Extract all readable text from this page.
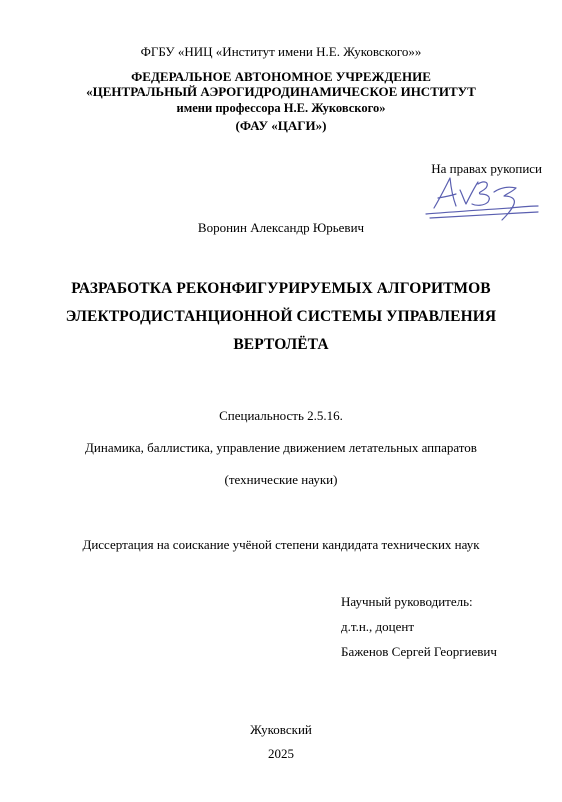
ФГБУ «НИЦ «Институт имени Н.Е. Жуковского»»
ФЕДЕРАЛЬНОЕ АВТОНОМНОЕ УЧРЕЖДЕНИЕ
«ЦЕНТРАЛЬНЫЙ АЭРОГИДРОДИНАМИЧЕСКОЕ ИНСТИТУТ
имени профессора Н.Е. Жуковского»
(ФАУ «ЦАГИ»)
На правах рукописи
Воронин Александр Юрьевич
РАЗРАБОТКА РЕКОНФИГУРИРУЕМЫХ АЛГОРИТМОВ
ЭЛЕКТРОДИСТАНЦИОННОЙ СИСТЕМЫ УПРАВЛЕНИЯ
ВЕРТОЛЁТА
Специальность 2.5.16.
Динамика, баллистика, управление движением летательных аппаратов
(технические науки)
Диссертация на соискание учёной степени кандидата технических наук
Научный руководитель:
д.т.н., доцент
Баженов Сергей Георгиевич
Жуковский
2025
